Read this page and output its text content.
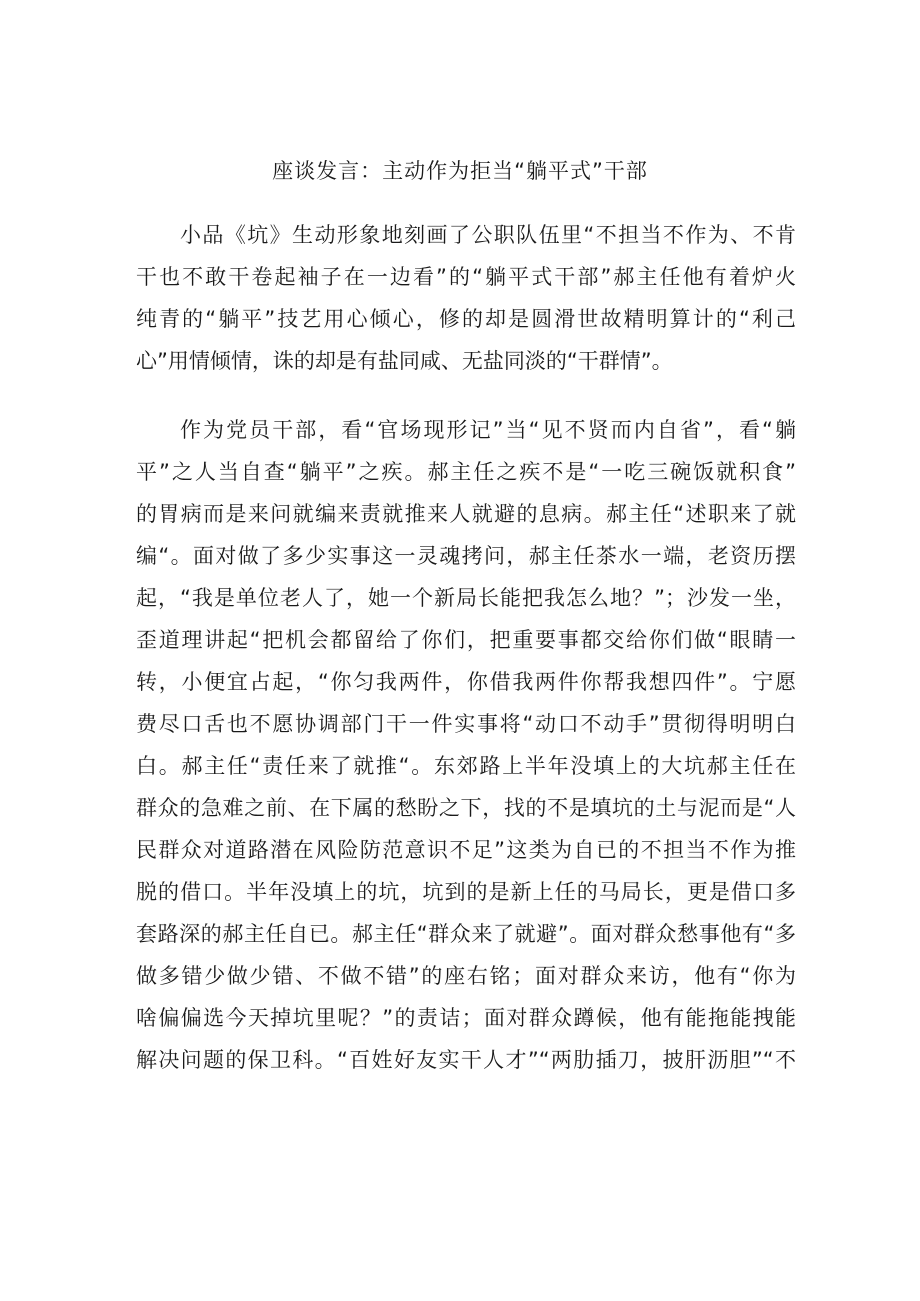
座谈发言：主动作为拒当“躺平式”干部
小品《坑》生动形象地刻画了公职队伍里“不担当不作为、不肯
干也不敢干卷起袖子在一边看”的“躺平式干部”郝主任他有着炉火
纯青的“躺平”技艺用心倾心，修的却是圆滑世故精明算计的“利己
心”用情倾情，诛的却是有盐同咸、无盐同淡的“干群情”。
作为党员干部，看“官场现形记”当“见不贤而内自省”，看“躺
平”之人当自查“躺平”之疾。郝主任之疾不是“一吃三碗饭就积食”
的胃病而是来问就编来责就推来人就避的息病。郝主任“述职来了就
编“。面对做了多少实事这一灵魂拷问，郝主任茶水一端，老资历摆
起，“我是单位老人了，她一个新局长能把我怎么地？”；沙发一坐，
歪道理讲起“把机会都留给了你们，把重要事都交给你们做“眼睛一
转，小便宜占起，“你匀我两件，你借我两件你帮我想四件”。宁愿
费尽口舌也不愿协调部门干一件实事将“动口不动手”贯彻得明明白
白。郝主任“责任来了就推“。东郊路上半年没填上的大坑郝主任在
群众的急难之前、在下属的愁盼之下，找的不是填坑的土与泥而是“人
民群众对道路潜在风险防范意识不足”这类为自已的不担当不作为推
脱的借口。半年没填上的坑，坑到的是新上任的马局长，更是借口多
套路深的郝主任自已。郝主任“群众来了就避”。面对群众愁事他有“多
做多错少做少错、不做不错”的座右铭；面对群众来访，他有“你为
啥偏偏选今天掉坑里呢？”的责诘；面对群众蹲候，他有能拖能拽能
解决问题的保卫科。“百姓好友实干人才”“两肋插刀，披肝沥胆”“不
